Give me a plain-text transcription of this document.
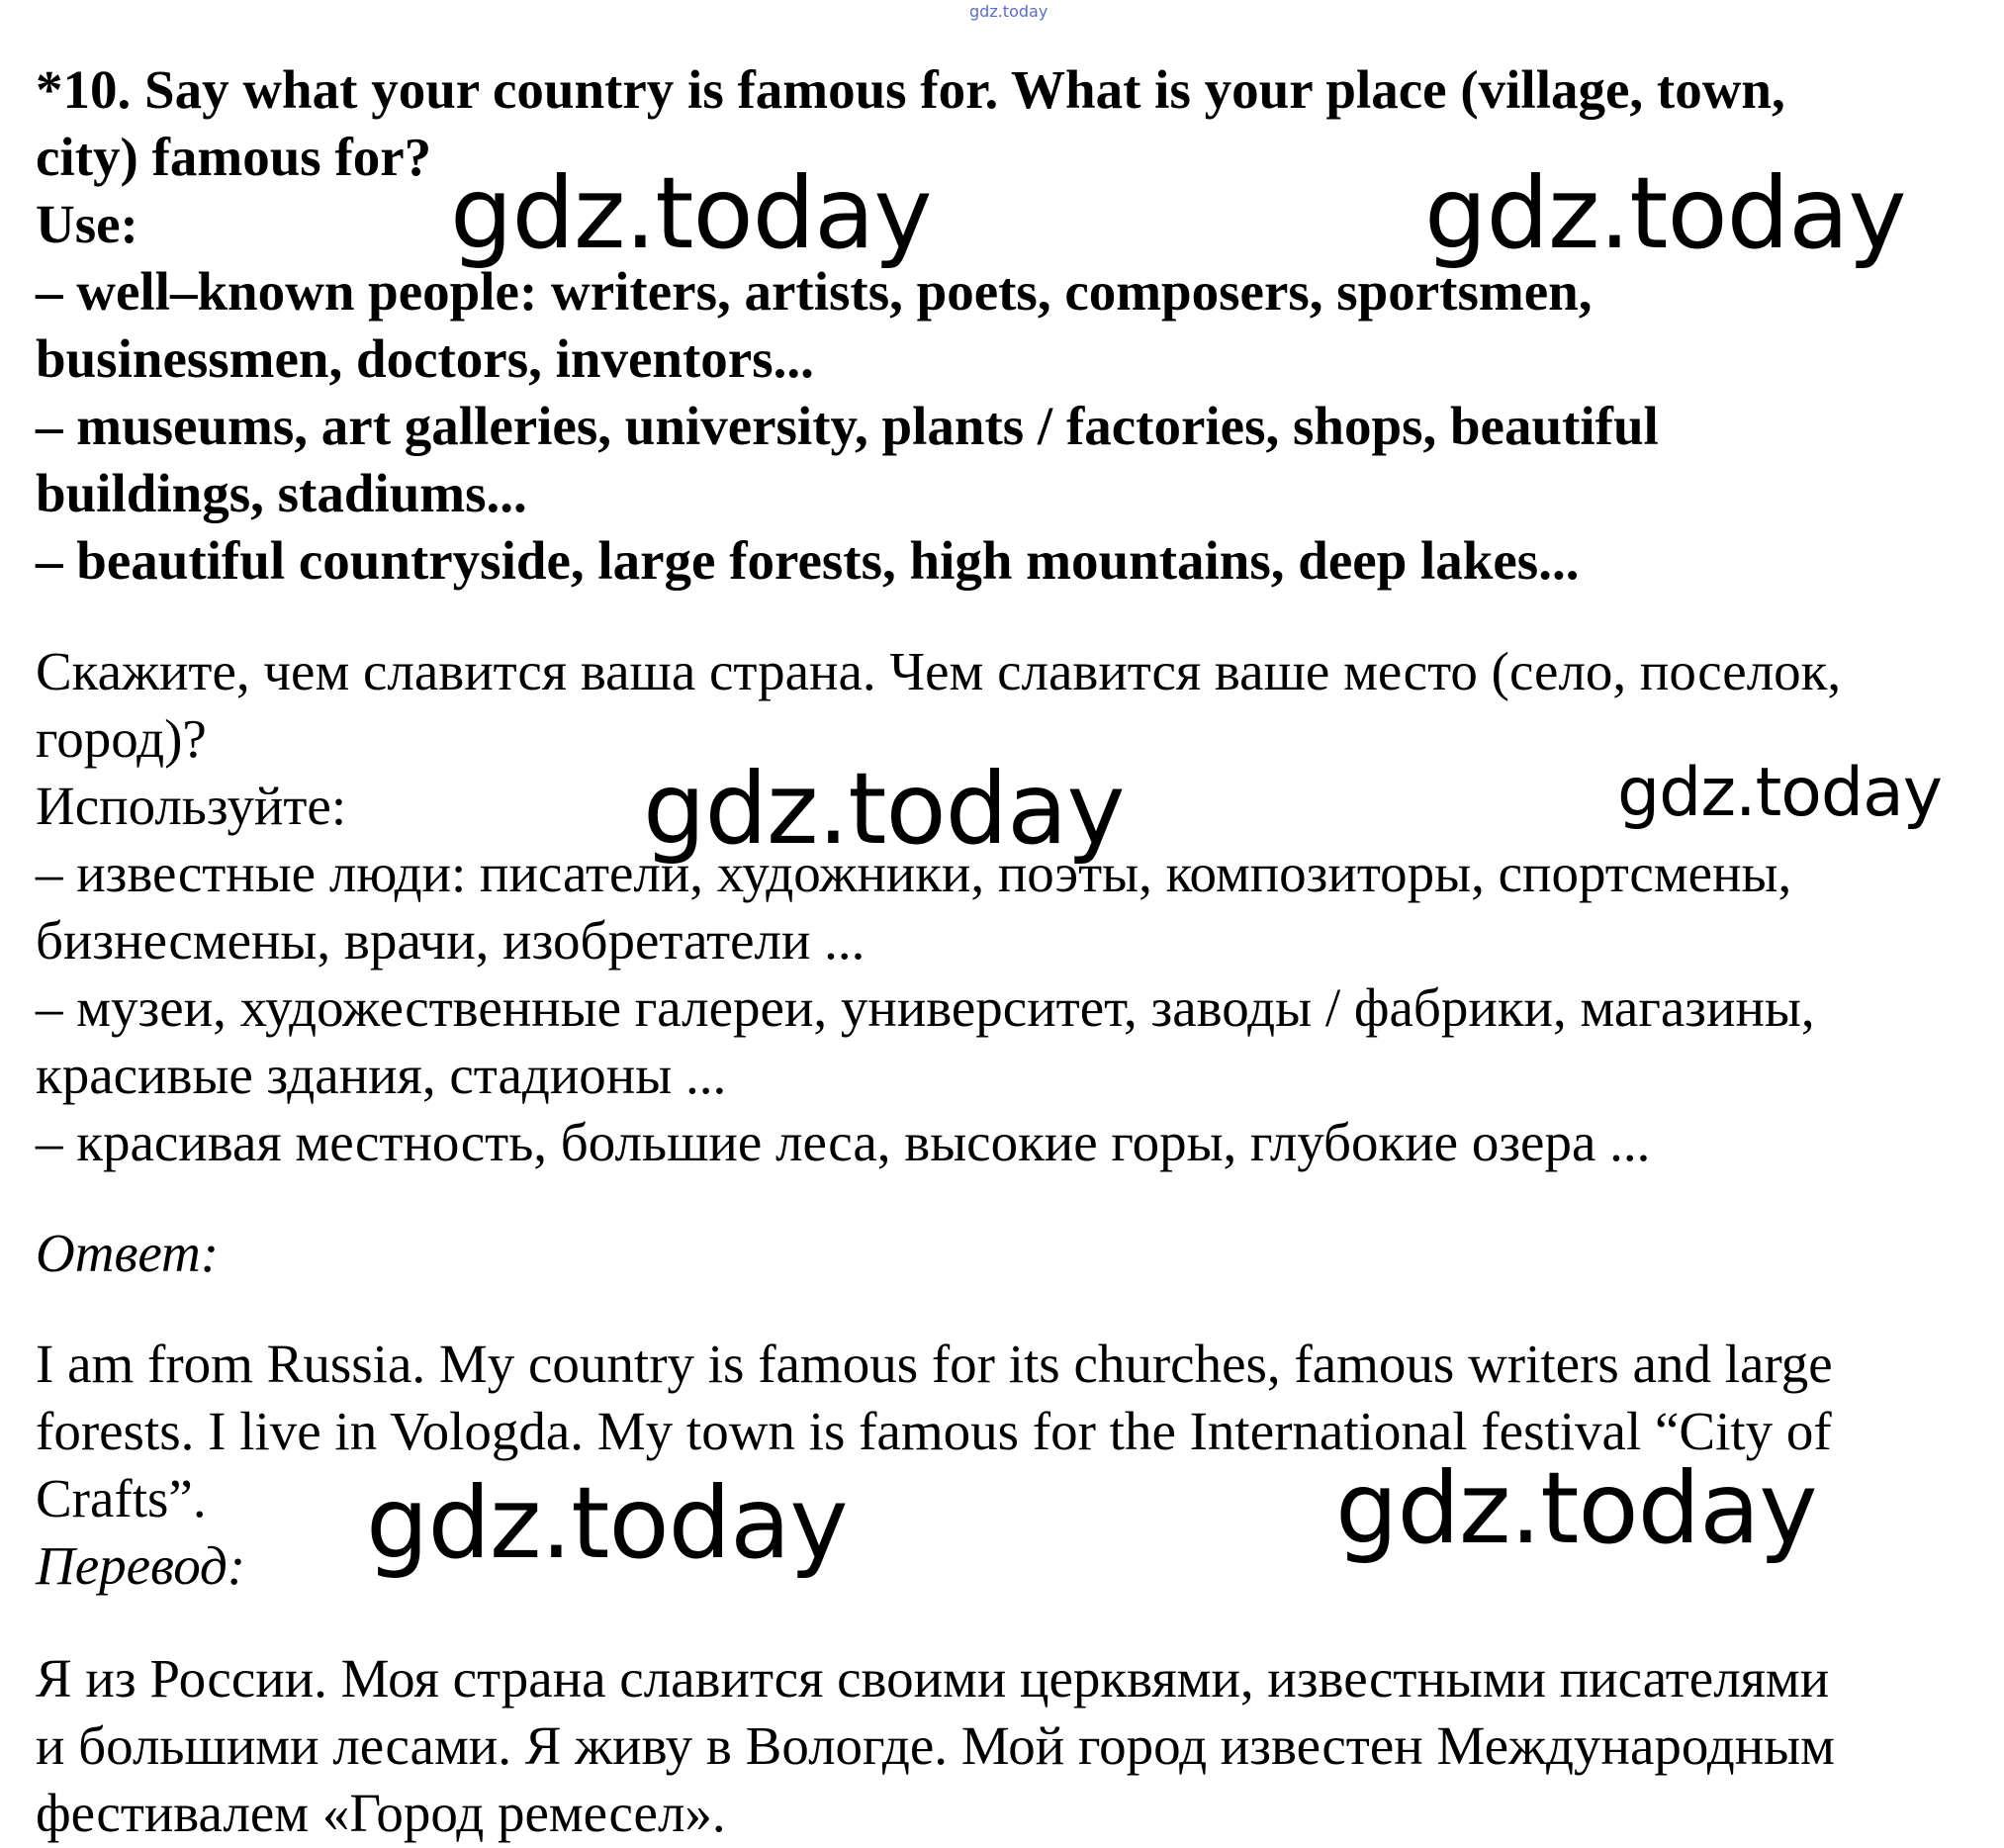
gdz.today
*10. Say what your country is famous for. What is your place (village, town,
city) famous for?
Use:
– well–known people: writers, artists, poets, composers, sportsmen,
businessmen, doctors, inventors...
– museums, art galleries, university, plants / factories, shops, beautiful
buildings, stadiums...
– beautiful countryside, large forests, high mountains, deep lakes...
Скажите, чем славится ваша страна. Чем славится ваше место (село, поселок,
город)?
Используйте:
– известные люди: писатели, художники, поэты, композиторы, спортсмены,
бизнесмены, врачи, изобретатели ...
– музеи, художественные галереи, университет, заводы / фабрики, магазины,
красивые здания, стадионы ...
– красивая местность, большие леса, высокие горы, глубокие озера ...
Ответ:
I am from Russia. My country is famous for its churches, famous writers and large
forests. I live in Vologda. My town is famous for the International festival “City of
Crafts”.
Перевод:
Я из России. Моя страна славится своими церквями, известными писателями
и большими лесами. Я живу в Вологде. Мой город известен Международным
фестивалем «Город ремесел».
gdz.today	gdz.today
gdz.today	gdz.today
gdz.today	gdz.today
